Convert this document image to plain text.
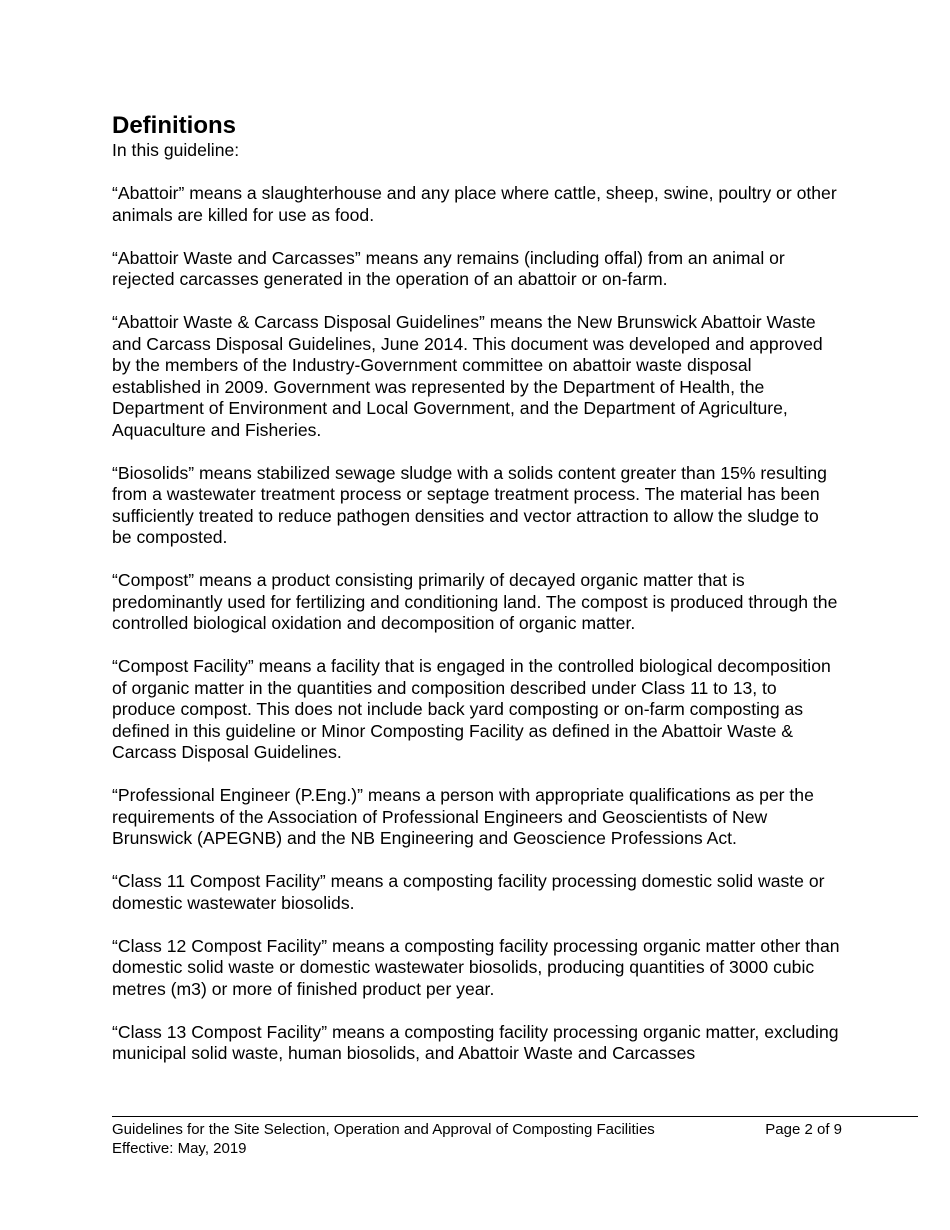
Definitions

In this guideline:

“Abattoir” means a slaughterhouse and any place where cattle, sheep, swine, poultry or other animals are killed for use as food.

“Abattoir Waste and Carcasses” means any remains (including offal) from an animal or rejected carcasses generated in the operation of an abattoir or on-farm.

“Abattoir Waste & Carcass Disposal Guidelines” means the New Brunswick Abattoir Waste and Carcass Disposal Guidelines, June 2014. This document was developed and approved by the members of the Industry-Government committee on abattoir waste disposal established in 2009. Government was represented by the Department of Health, the Department of Environment and Local Government, and the Department of Agriculture, Aquaculture and Fisheries.

“Biosolids” means stabilized sewage sludge with a solids content greater than 15% resulting from a wastewater treatment process or septage treatment process. The material has been sufficiently treated to reduce pathogen densities and vector attraction to allow the sludge to be composted.

“Compost” means a product consisting primarily of decayed organic matter that is predominantly used for fertilizing and conditioning land. The compost is produced through the controlled biological oxidation and decomposition of organic matter.

“Compost Facility” means a facility that is engaged in the controlled biological decomposition of organic matter in the quantities and composition described under Class 11 to 13, to produce compost. This does not include back yard composting or on-farm composting as defined in this guideline or Minor Composting Facility as defined in the Abattoir Waste & Carcass Disposal Guidelines.

“Professional Engineer (P.Eng.)” means a person with appropriate qualifications as per the requirements of the Association of Professional Engineers and Geoscientists of New Brunswick (APEGNB) and the NB Engineering and Geoscience Professions Act.

“Class 11 Compost Facility” means a composting facility processing domestic solid waste or domestic wastewater biosolids.

“Class 12 Compost Facility” means a composting facility processing organic matter other than domestic solid waste or domestic wastewater biosolids, producing quantities of 3000 cubic metres (m3) or more of finished product per year.

“Class 13 Compost Facility” means a composting facility processing organic matter, excluding municipal solid waste, human biosolids, and Abattoir Waste and Carcasses

Guidelines for the Site Selection, Operation and Approval of Composting Facilities	Page 2 of 9
Effective: May, 2019
